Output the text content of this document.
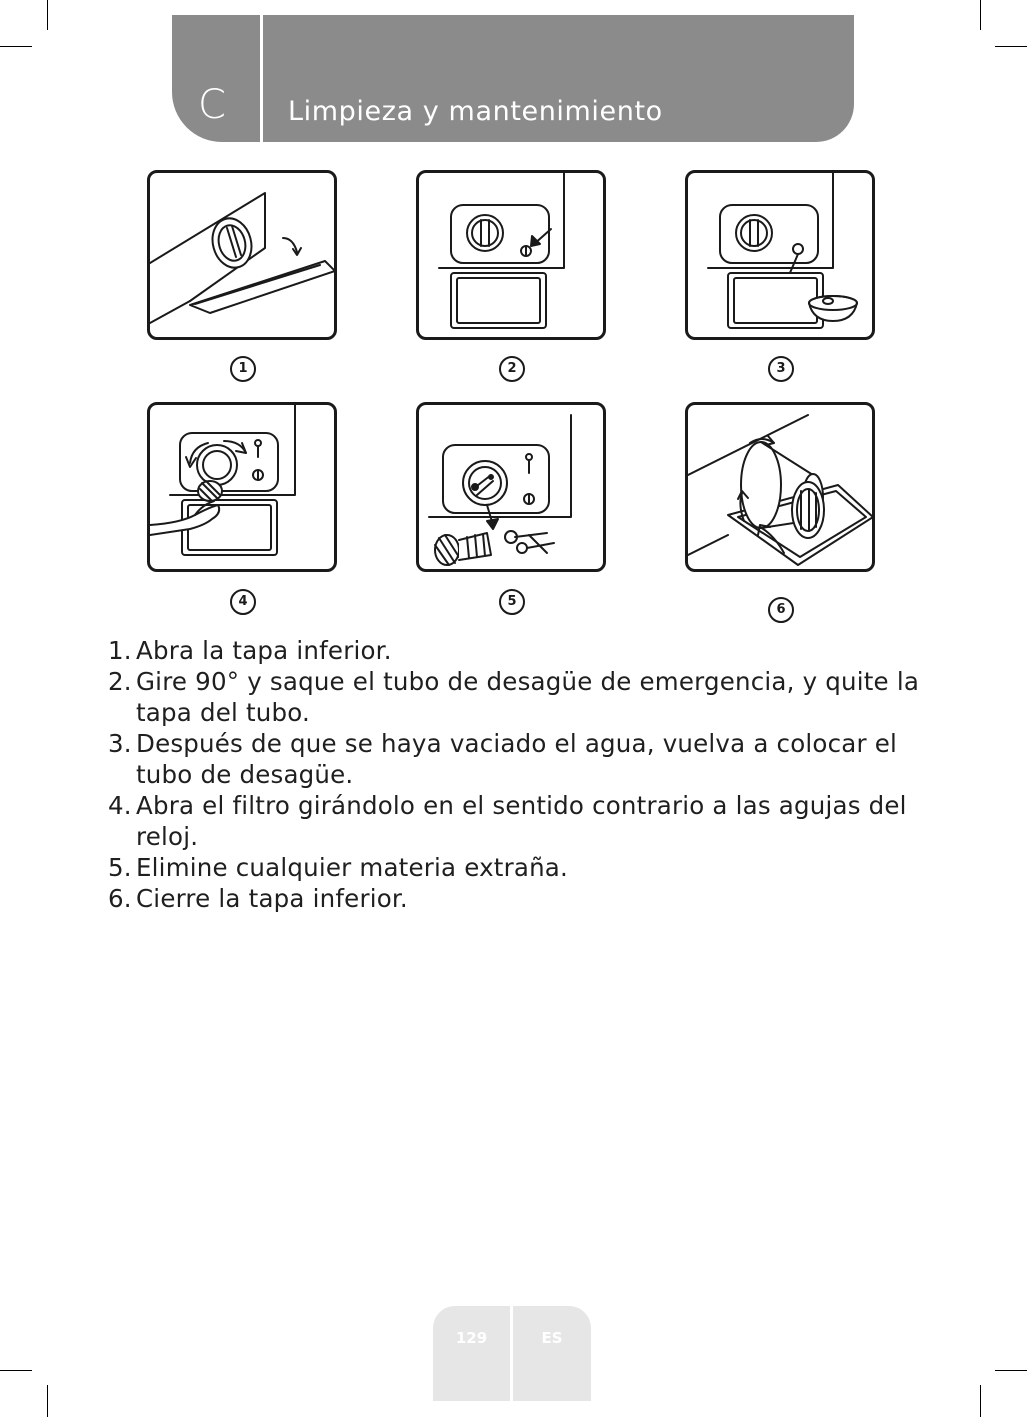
C	Limpieza y mantenimiento
1	2	3
4	5
6
1. Abra la tapa inferior.
2. Gire 90° y saque el tubo de desagüe de emergencia, y quite la tapa del tubo.
3. Después de que se haya vaciado el agua, vuelva a colocar el tubo de desagüe.
4. Abra el filtro girándolo en el sentido contrario a las agujas del reloj.
5. Elimine cualquier materia extraña.
6. Cierre la tapa inferior.
129	ES
